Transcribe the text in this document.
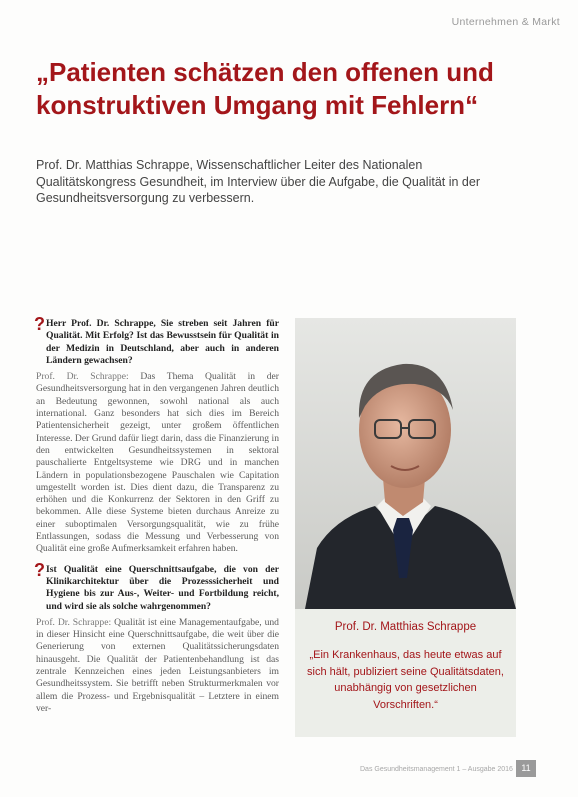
Unternehmen & Markt
„Patienten schätzen den offenen und konstruktiven Umgang mit Fehlern“

Prof. Dr. Matthias Schrappe, Wissenschaftlicher Leiter des Nationalen Qualitätskongress Gesundheit, im Interview über die Aufgabe, die Qualität in der Gesundheitsversorgung zu verbessern.

? Herr Prof. Dr. Schrappe, Sie streben seit Jahren für Qualität. Mit Erfolg? Ist das Bewusstsein für Qualität in der Medizin in Deutschland, aber auch in anderen Ländern gewachsen?

Prof. Dr. Schrappe: Das Thema Qualität in der Gesundheitsversorgung hat in den vergangenen Jahren deutlich an Bedeutung gewonnen, sowohl national als auch international. Ganz besonders hat sich dies im Bereich Patientensicherheit gezeigt, unter großem öffentlichen Interesse. Der Grund dafür liegt darin, dass die Finanzierung in den entwickelten Gesundheitssystemen in sektoral pauschalierte Entgeltsysteme wie DRG und in manchen Ländern in populationsbezogene Pauschalen wie Capitation umgestellt worden ist. Dies dient dazu, die Transparenz zu erhöhen und die Konkurrenz der Sektoren in den Griff zu bekommen. Alle diese Systeme bieten durchaus Anreize zu einer suboptimalen Versorgungsqualität, wie zu frühe Entlassungen, sodass die Messung und Verbesserung von Qualität eine große Aufmerksamkeit erfahren haben.

? Ist Qualität eine Querschnittsaufgabe, die von der Klinikarchitektur über die Prozesssicherheit und Hygiene bis zur Aus-, Weiter- und Fortbildung reicht, und wird sie als solche wahrgenommen?

Prof. Dr. Schrappe: Qualität ist eine Managementaufgabe, und in dieser Hinsicht eine Querschnittsaufgabe, die weit über die Generierung von externen Qualitätssicherungsdaten hinausgeht. Die Qualität der Patientenbehandlung ist das zentrale Kennzeichen eines jeden Leistungsanbieters im Gesundheitssystem. Sie betrifft neben Strukturmerkmalen vor allem die Prozess- und Ergebnisqualität – Letztere in einem ver-

Prof. Dr. Matthias Schrappe
„Ein Krankenhaus, das heute etwas auf sich hält, publiziert seine Qualitätsdaten, unabhängig von gesetzlichen Vorschriften.“
Das Gesundheitsmanagement 1 – Ausgabe 2016 11
